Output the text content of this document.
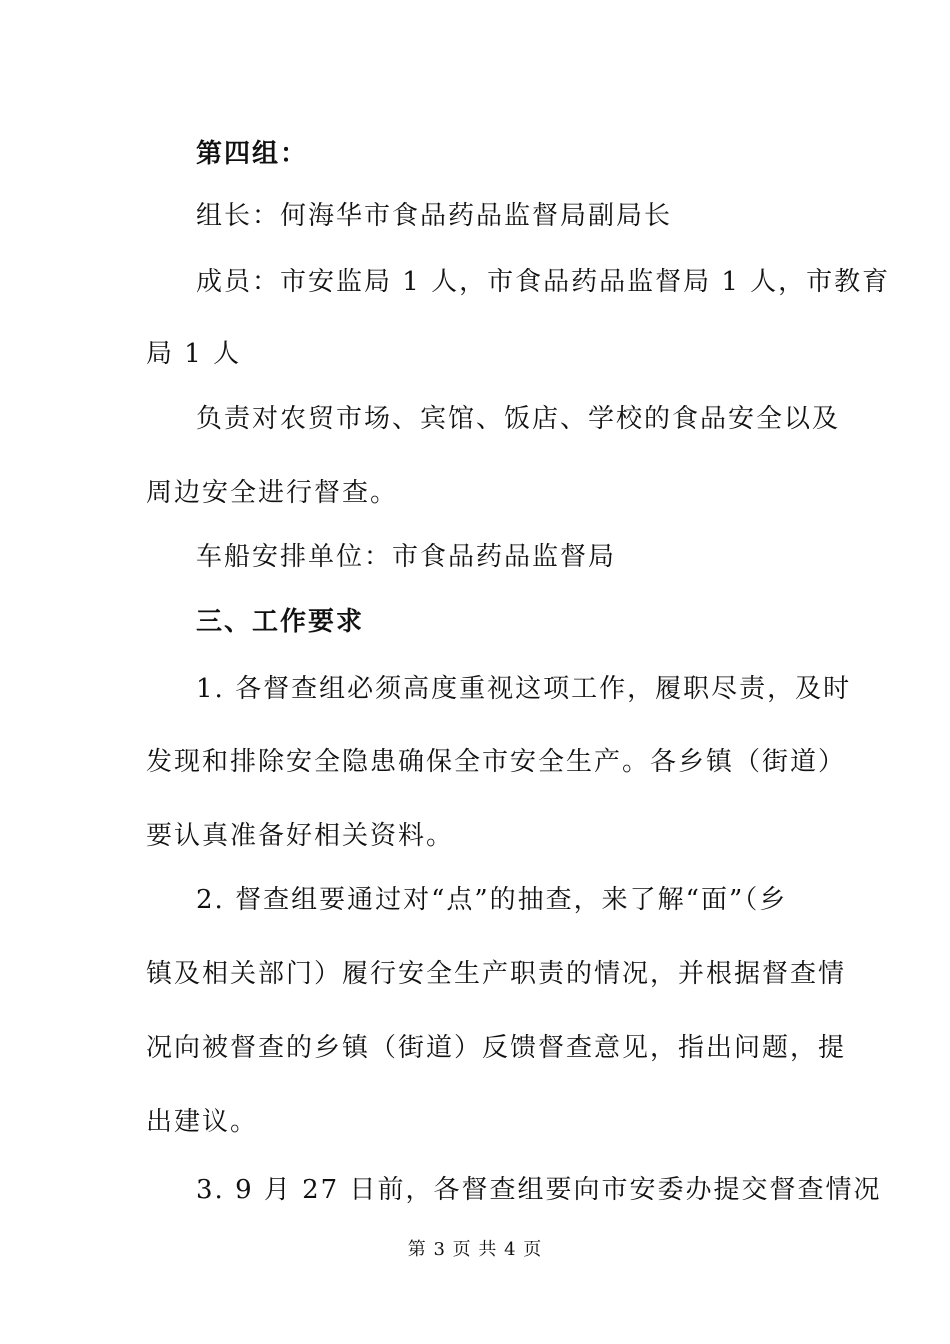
第四组：
组长：何海华市食品药品监督局副局长
成员：市安监局 1 人，市食品药品监督局 1 人，市教育
局 1 人
负责对农贸市场、宾馆、饭店、学校的食品安全以及
周边安全进行督查。
车船安排单位：市食品药品监督局
三、工作要求
1. 各督查组必须高度重视这项工作，履职尽责，及时
发现和排除安全隐患确保全市安全生产。各乡镇（街道）
要认真准备好相关资料。
2. 督查组要通过对“点”的抽查，来了解“面”（乡
镇及相关部门）履行安全生产职责的情况，并根据督查情
况向被督查的乡镇（街道）反馈督查意见，指出问题，提
出建议。
3. 9 月 27 日前，各督查组要向市安委办提交督查情况
第 3 页 共 4 页
